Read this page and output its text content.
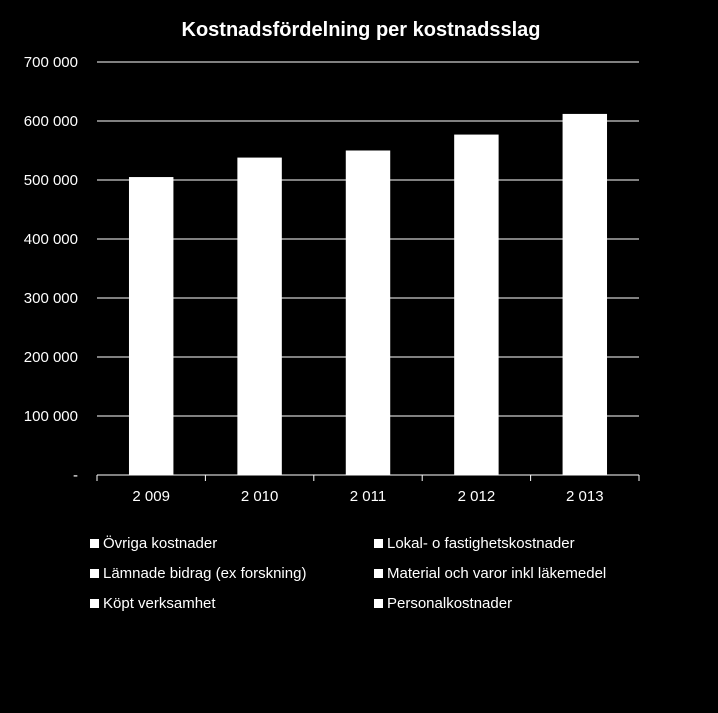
Kostnadsfördelning per kostnadsslag
-
100 000
200 000
300 000
400 000
500 000
600 000
700 000
2 009	2 010	2 011	2 012	2 013
Övriga kostnader	Lokal- o fastighetskostnader
Lämnade bidrag (ex forskning)	Material och varor inkl läkemedel
Köpt verksamhet	Personalkostnader
